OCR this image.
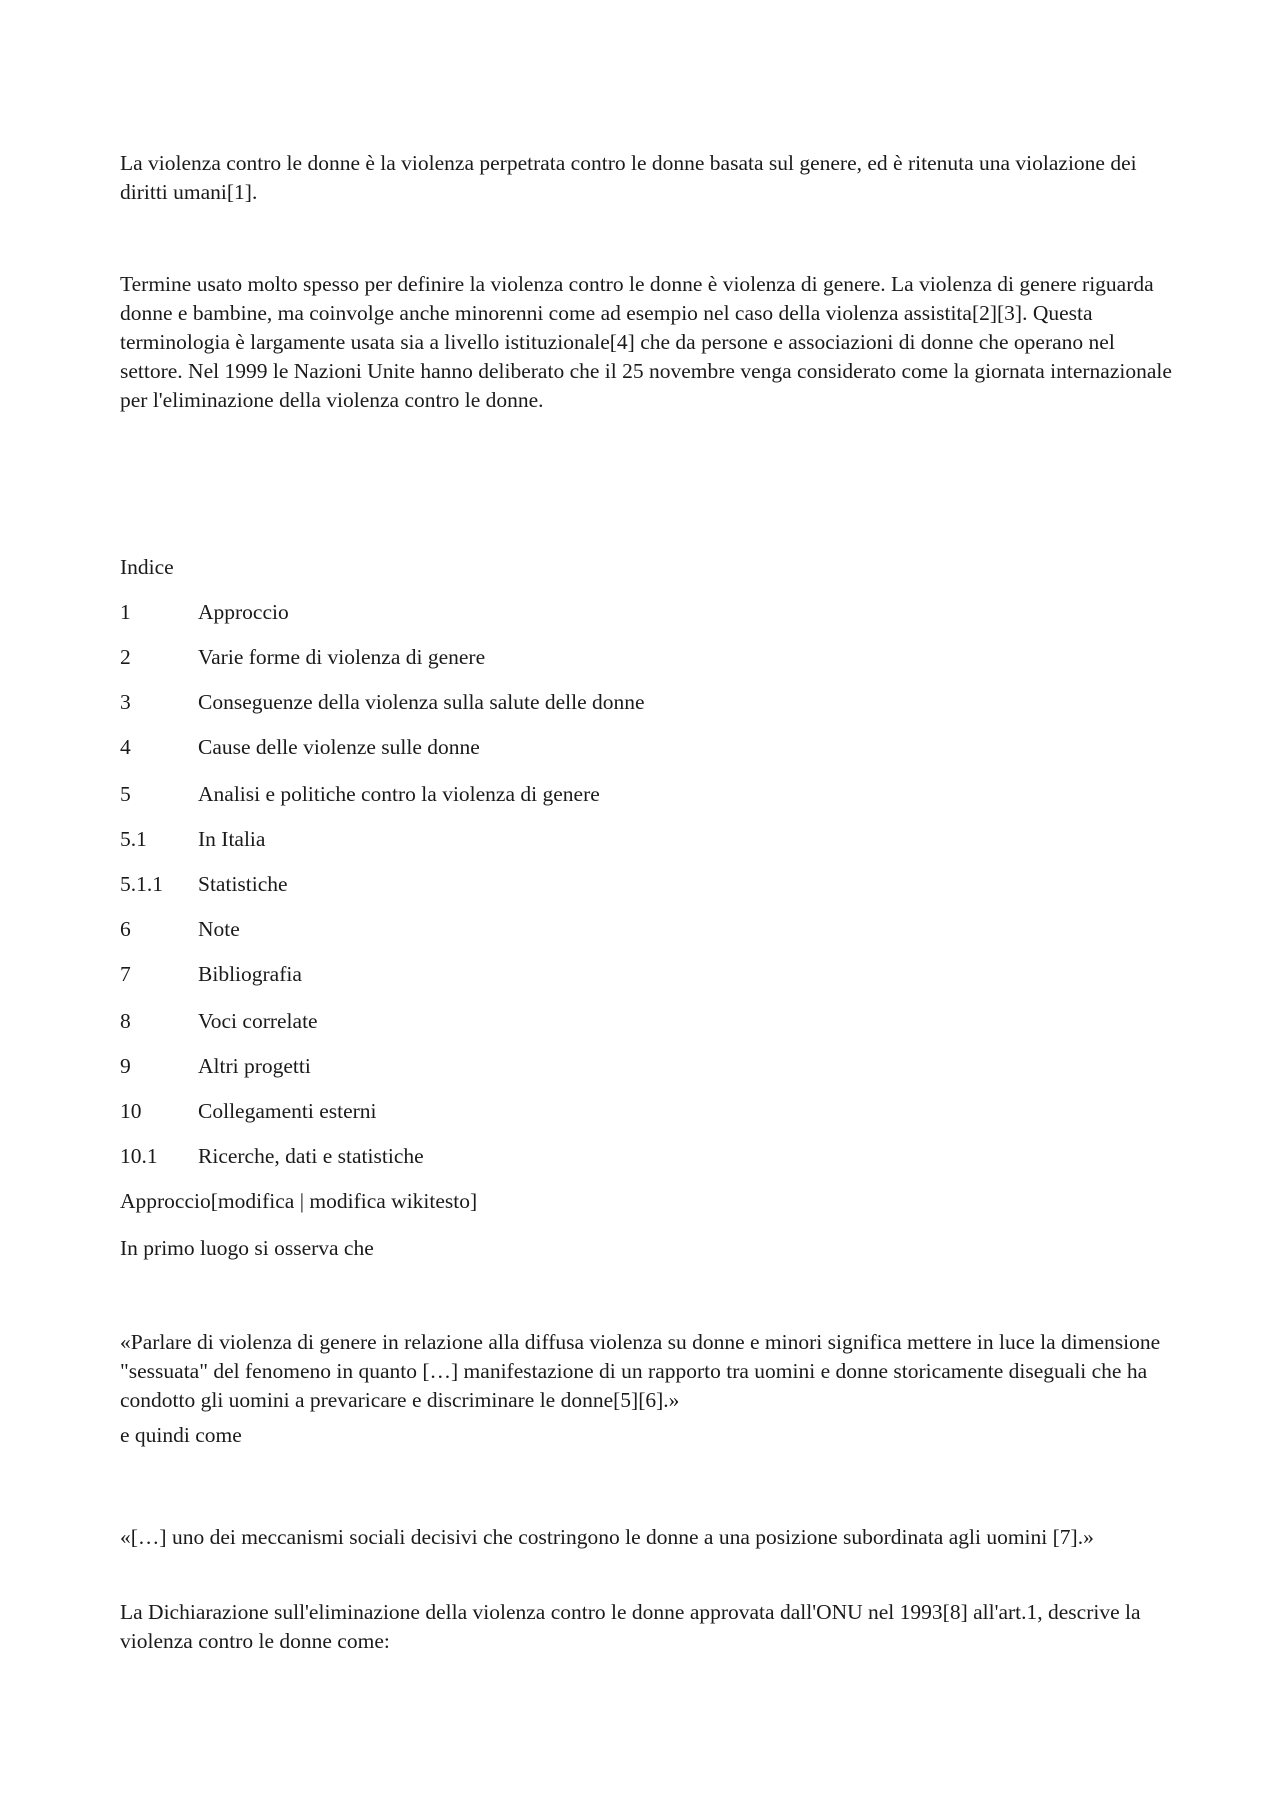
La violenza contro le donne è la violenza perpetrata contro le donne basata sul genere, ed è ritenuta una violazione dei diritti umani[1].

Termine usato molto spesso per definire la violenza contro le donne è violenza di genere. La violenza di genere riguarda donne e bambine, ma coinvolge anche minorenni come ad esempio nel caso della violenza assistita[2][3]. Questa terminologia è largamente usata sia a livello istituzionale[4] che da persone e associazioni di donne che operano nel settore. Nel 1999 le Nazioni Unite hanno deliberato che il 25 novembre venga considerato come la giornata internazionale per l'eliminazione della violenza contro le donne.

Indice

1	Approccio
2	Varie forme di violenza di genere
3	Conseguenze della violenza sulla salute delle donne
4	Cause delle violenze sulle donne
5	Analisi e politiche contro la violenza di genere
5.1 In Italia
5.1.1 Statistiche
6	Note
7	Bibliografia
8	Voci correlate
9	Altri progetti
10	Collegamenti esterni
10.1 Ricerche, dati e statistiche

Approccio[modifica | modifica wikitesto]

In primo luogo si osserva che

«Parlare di violenza di genere in relazione alla diffusa violenza su donne e minori significa mettere in luce la dimensione "sessuata" del fenomeno in quanto […] manifestazione di un rapporto tra uomini e donne storicamente diseguali che ha condotto gli uomini a prevaricare e discriminare le donne[5][6].»

e quindi come

«[…] uno dei meccanismi sociali decisivi che costringono le donne a una posizione subordinata agli uomini [7].»

La Dichiarazione sull'eliminazione della violenza contro le donne approvata dall'ONU nel 1993[8] all'art.1, descrive la violenza contro le donne come:
